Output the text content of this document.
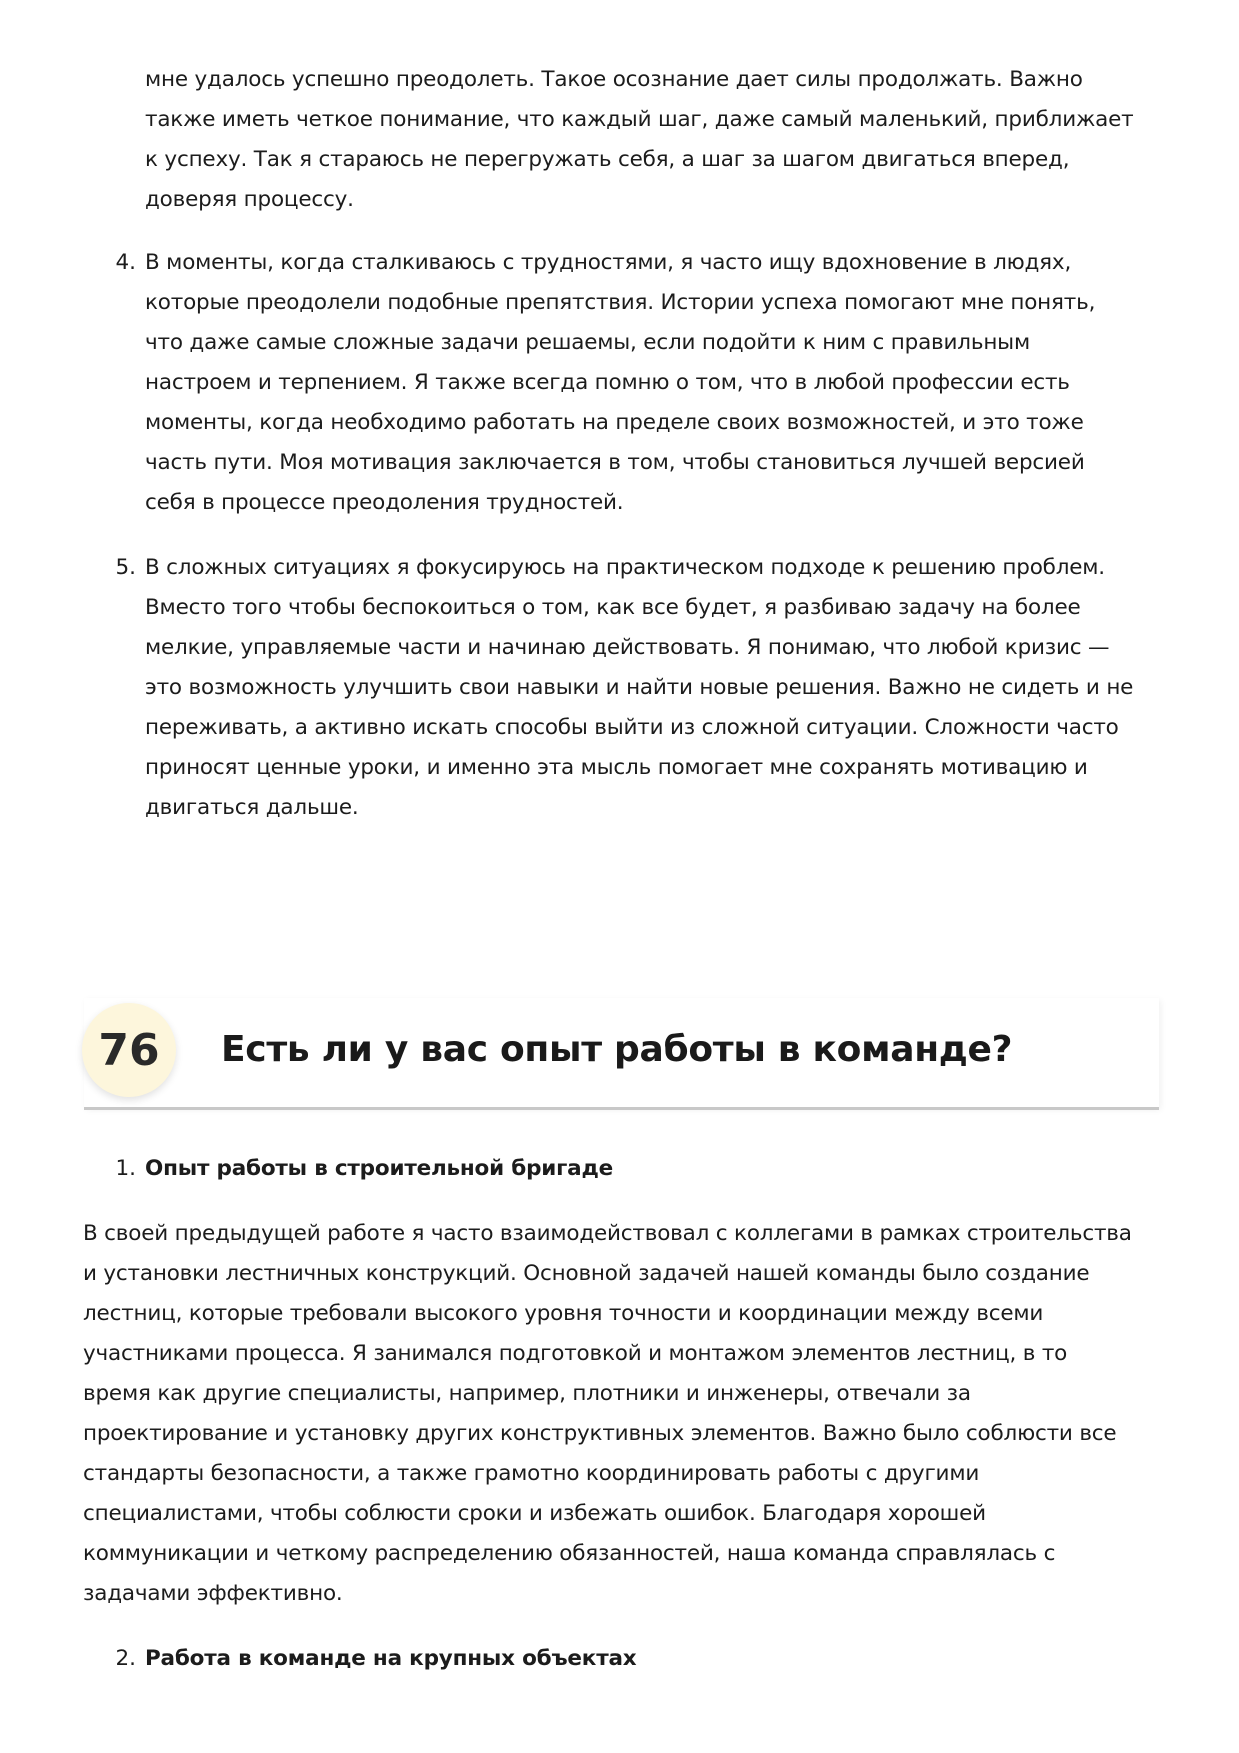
мне удалось успешно преодолеть. Такое осознание дает силы продолжать. Важно

также иметь четкое понимание, что каждый шаг, даже самый маленький, приближает

к успеху. Так я стараюсь не перегружать себя, а шаг за шагом двигаться вперед,

доверяя процессу.

4. В моменты, когда сталкиваюсь с трудностями, я часто ищу вдохновение в людях,

которые преодолели подобные препятствия. Истории успеха помогают мне понять,

что даже самые сложные задачи решаемы, если подойти к ним с правильным

настроем и терпением. Я также всегда помню о том, что в любой профессии есть

моменты, когда необходимо работать на пределе своих возможностей, и это тоже

часть пути. Моя мотивация заключается в том, чтобы становиться лучшей версией

себя в процессе преодоления трудностей.

5. В сложных ситуациях я фокусируюсь на практическом подходе к решению проблем.

Вместо того чтобы беспокоиться о том, как все будет, я разбиваю задачу на более

мелкие, управляемые части и начинаю действовать. Я понимаю, что любой кризис —

это возможность улучшить свои навыки и найти новые решения. Важно не сидеть и не

переживать, а активно искать способы выйти из сложной ситуации. Сложности часто

приносят ценные уроки, и именно эта мысль помогает мне сохранять мотивацию и

двигаться дальше.

76	Есть ли у вас опыт работы в команде?
1. Опыт работы в строительной бригаде

В своей предыдущей работе я часто взаимодействовал с коллегами в рамках строительства

и установки лестничных конструкций. Основной задачей нашей команды было создание

лестниц, которые требовали высокого уровня точности и координации между всеми

участниками процесса. Я занимался подготовкой и монтажом элементов лестниц, в то

время как другие специалисты, например, плотники и инженеры, отвечали за

проектирование и установку других конструктивных элементов. Важно было соблюсти все

стандарты безопасности, а также грамотно координировать работы с другими

специалистами, чтобы соблюсти сроки и избежать ошибок. Благодаря хорошей

коммуникации и четкому распределению обязанностей, наша команда справлялась с

задачами эффективно.

2. Работа в команде на крупных объектах
